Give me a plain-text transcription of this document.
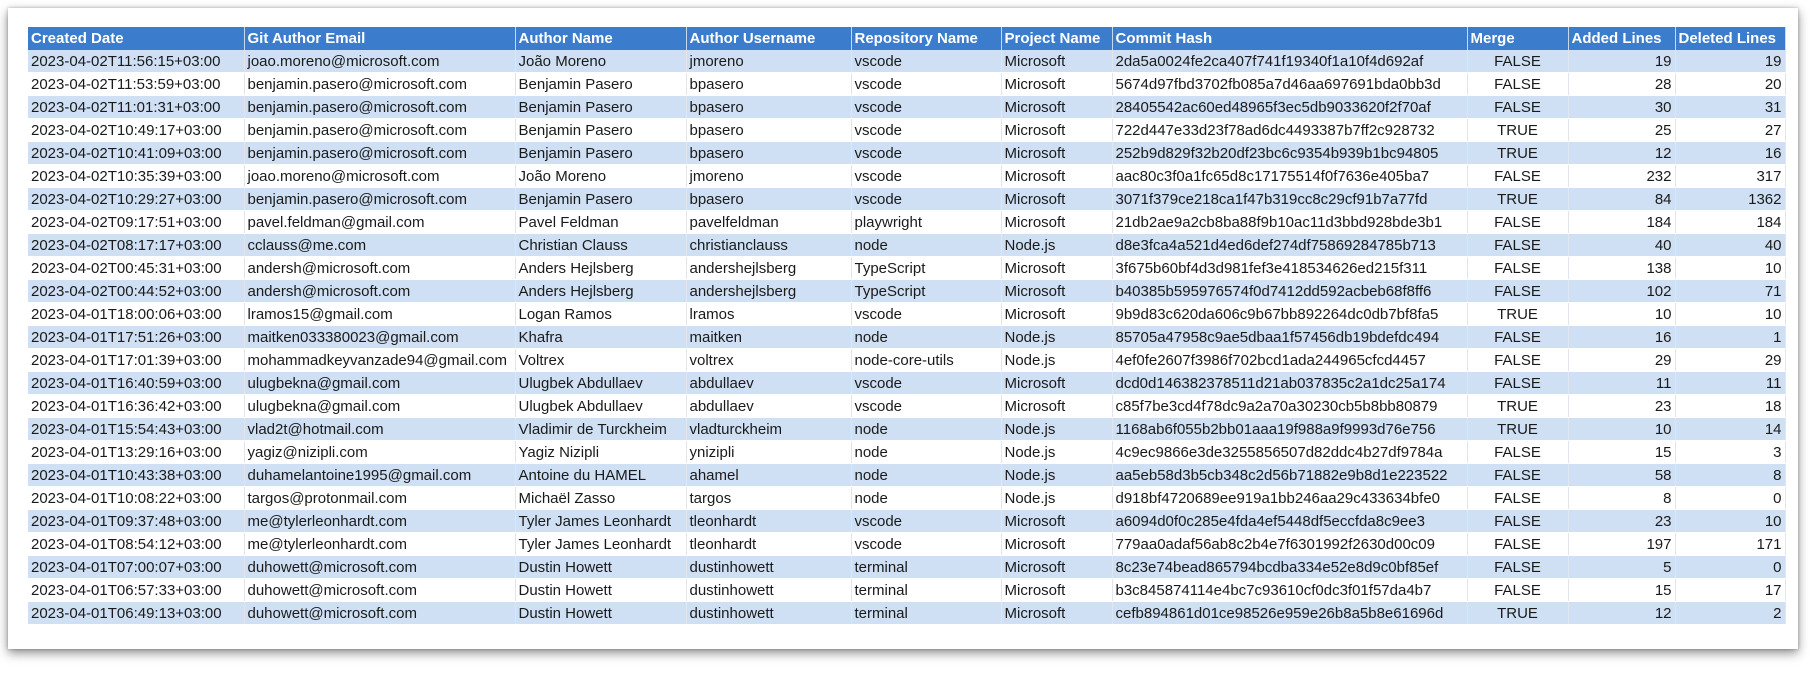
Created Date	Git Author Email	Author Name	Author Username	Repository Name	Project Name	Commit Hash	Merge	Added Lines	Deleted Lines
2023-04-02T11:56:15+03:00	joao.moreno@microsoft.com	João Moreno	jmoreno	vscode	Microsoft	2da5a0024fe2ca407f741f19340f1a10f4d692af	FALSE	19	19
2023-04-02T11:53:59+03:00	benjamin.pasero@microsoft.com	Benjamin Pasero	bpasero	vscode	Microsoft	5674d97fbd3702fb085a7d46aa697691bda0bb3d	FALSE	28	20
2023-04-02T11:01:31+03:00	benjamin.pasero@microsoft.com	Benjamin Pasero	bpasero	vscode	Microsoft	28405542ac60ed48965f3ec5db9033620f2f70af	FALSE	30	31
2023-04-02T10:49:17+03:00	benjamin.pasero@microsoft.com	Benjamin Pasero	bpasero	vscode	Microsoft	722d447e33d23f78ad6dc4493387b7ff2c928732	TRUE	25	27
2023-04-02T10:41:09+03:00	benjamin.pasero@microsoft.com	Benjamin Pasero	bpasero	vscode	Microsoft	252b9d829f32b20df23bc6c9354b939b1bc94805	TRUE	12	16
2023-04-02T10:35:39+03:00	joao.moreno@microsoft.com	João Moreno	jmoreno	vscode	Microsoft	aac80c3f0a1fc65d8c17175514f0f7636e405ba7	FALSE	232	317
2023-04-02T10:29:27+03:00	benjamin.pasero@microsoft.com	Benjamin Pasero	bpasero	vscode	Microsoft	3071f379ce218ca1f47b319cc8c29cf91b7a77fd	TRUE	84	1362
2023-04-02T09:17:51+03:00	pavel.feldman@gmail.com	Pavel Feldman	pavelfeldman	playwright	Microsoft	21db2ae9a2cb8ba88f9b10ac11d3bbd928bde3b1	FALSE	184	184
2023-04-02T08:17:17+03:00	cclauss@me.com	Christian Clauss	christianclauss	node	Node.js	d8e3fca4a521d4ed6def274df75869284785b713	FALSE	40	40
2023-04-02T00:45:31+03:00	andersh@microsoft.com	Anders Hejlsberg	andershejlsberg	TypeScript	Microsoft	3f675b60bf4d3d981fef3e418534626ed215f311	FALSE	138	10
2023-04-02T00:44:52+03:00	andersh@microsoft.com	Anders Hejlsberg	andershejlsberg	TypeScript	Microsoft	b40385b595976574f0d7412dd592acbeb68f8ff6	FALSE	102	71
2023-04-01T18:00:06+03:00	lramos15@gmail.com	Logan Ramos	lramos	vscode	Microsoft	9b9d83c620da606c9b67bb892264dc0db7bf8fa5	TRUE	10	10
2023-04-01T17:51:26+03:00	maitken033380023@gmail.com	Khafra	maitken	node	Node.js	85705a47958c9ae5dbaa1f57456db19bdefdc494	FALSE	16	1
2023-04-01T17:01:39+03:00	mohammadkeyvanzade94@gmail.com	Voltrex	voltrex	node-core-utils	Node.js	4ef0fe2607f3986f702bcd1ada244965cfcd4457	FALSE	29	29
2023-04-01T16:40:59+03:00	ulugbekna@gmail.com	Ulugbek Abdullaev	abdullaev	vscode	Microsoft	dcd0d146382378511d21ab037835c2a1dc25a174	FALSE	11	11
2023-04-01T16:36:42+03:00	ulugbekna@gmail.com	Ulugbek Abdullaev	abdullaev	vscode	Microsoft	c85f7be3cd4f78dc9a2a70a30230cb5b8bb80879	TRUE	23	18
2023-04-01T15:54:43+03:00	vlad2t@hotmail.com	Vladimir de Turckheim	vladturckheim	node	Node.js	1168ab6f055b2bb01aaa19f988a9f9993d76e756	TRUE	10	14
2023-04-01T13:29:16+03:00	yagiz@nizipli.com	Yagiz Nizipli	ynizipli	node	Node.js	4c9ec9866e3de3255856507d82ddc4b27df9784a	FALSE	15	3
2023-04-01T10:43:38+03:00	duhamelantoine1995@gmail.com	Antoine du HAMEL	ahamel	node	Node.js	aa5eb58d3b5cb348c2d56b71882e9b8d1e223522	FALSE	58	8
2023-04-01T10:08:22+03:00	targos@protonmail.com	Michaël Zasso	targos	node	Node.js	d918bf4720689ee919a1bb246aa29c433634bfe0	FALSE	8	0
2023-04-01T09:37:48+03:00	me@tylerleonhardt.com	Tyler James Leonhardt	tleonhardt	vscode	Microsoft	a6094d0f0c285e4fda4ef5448df5eccfda8c9ee3	FALSE	23	10
2023-04-01T08:54:12+03:00	me@tylerleonhardt.com	Tyler James Leonhardt	tleonhardt	vscode	Microsoft	779aa0adaf56ab8c2b4e7f6301992f2630d00c09	FALSE	197	171
2023-04-01T07:00:07+03:00	duhowett@microsoft.com	Dustin Howett	dustinhowett	terminal	Microsoft	8c23e74bead865794bcdba334e52e8d9c0bf85ef	FALSE	5	0
2023-04-01T06:57:33+03:00	duhowett@microsoft.com	Dustin Howett	dustinhowett	terminal	Microsoft	b3c845874114e4bc7c93610cf0dc3f01f57da4b7	FALSE	15	17
2023-04-01T06:49:13+03:00	duhowett@microsoft.com	Dustin Howett	dustinhowett	terminal	Microsoft	cefb894861d01ce98526e959e26b8a5b8e61696d	TRUE	12	2
